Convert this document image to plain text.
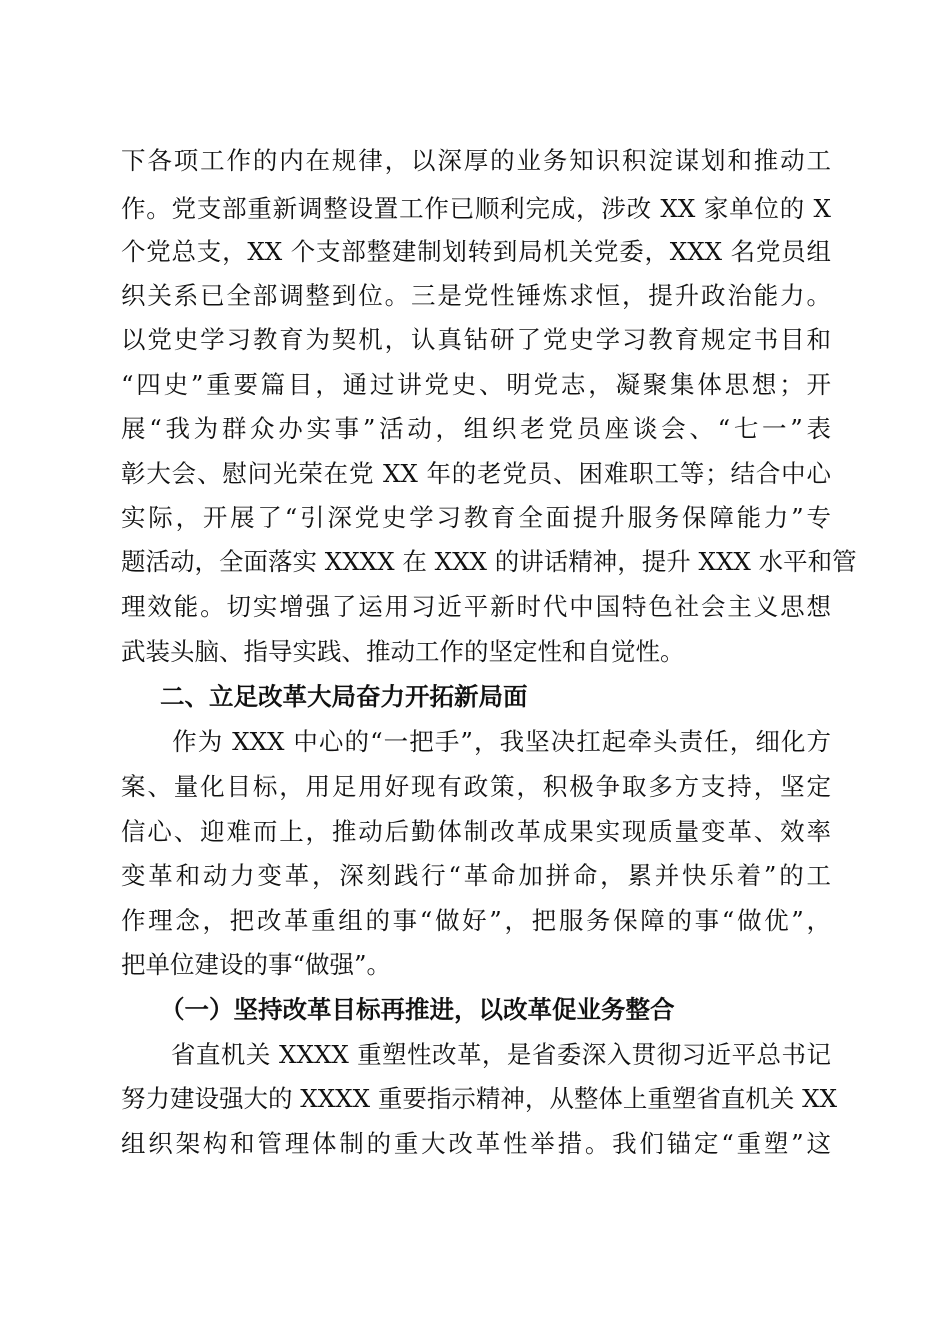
下各项工作的内在规律，以深厚的业务知识积淀谋划和推动工
作。党支部重新调整设置工作已顺利完成，涉改 XX 家单位的 X
个党总支，XX 个支部整建制划转到局机关党委，XXX 名党员组
织关系已全部调整到位。三是党性锤炼求恒，提升政治能力。
以党史学习教育为契机，认真钻研了党史学习教育规定书目和
“四史”重要篇目，通过讲党史、明党志，凝聚集体思想；开
展“我为群众办实事”活动，组织老党员座谈会、“七一”表
彰大会、慰问光荣在党 XX 年的老党员、困难职工等；结合中心
实际，开展了“引深党史学习教育全面提升服务保障能力”专
题活动，全面落实 XXXX 在 XXX 的讲话精神，提升 XXX 水平和管
理效能。切实增强了运用习近平新时代中国特色社会主义思想
武装头脑、指导实践、推动工作的坚定性和自觉性。
二、立足改革大局奋力开拓新局面
　　作为 XXX 中心的“一把手”，我坚决扛起牵头责任，细化方
案、量化目标，用足用好现有政策，积极争取多方支持，坚定
信心、迎难而上，推动后勤体制改革成果实现质量变革、效率
变革和动力变革，深刻践行“革命加拼命，累并快乐着”的工
作理念，把改革重组的事“做好”，把服务保障的事“做优”，
把单位建设的事“做强”。
（一）坚持改革目标再推进，以改革促业务整合
　　省直机关 XXXX 重塑性改革，是省委深入贯彻习近平总书记
努力建设强大的 XXXX 重要指示精神，从整体上重塑省直机关 XX
组织架构和管理体制的重大改革性举措。我们锚定“重塑”这
